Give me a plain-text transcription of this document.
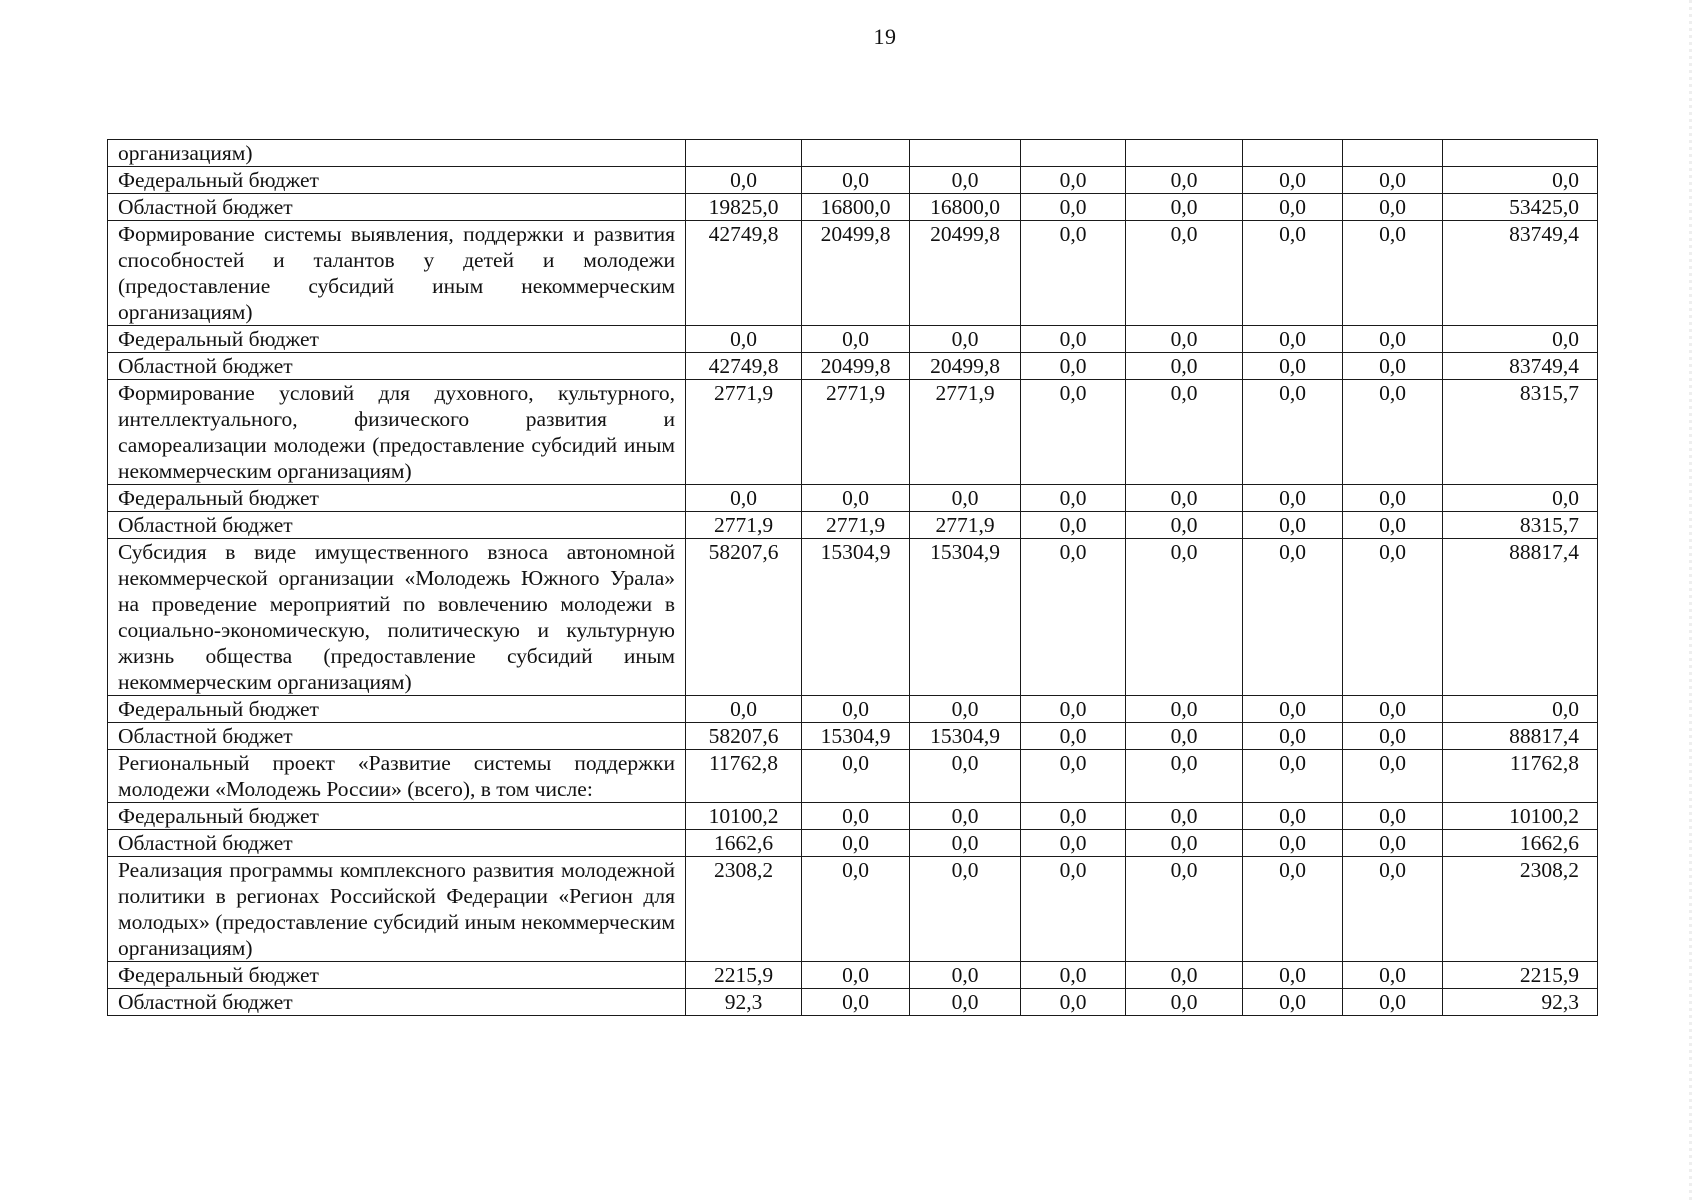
19
организациям)								
Федеральный бюджет	0,0	0,0	0,0	0,0	0,0	0,0	0,0	0,0
Областной бюджет	19825,0	16800,0	16800,0	0,0	0,0	0,0	0,0	53425,0
Формирование системы выявления, поддержки и развития способностей и талантов у детей и молодежи (предоставление субсидий иным некоммерческим организациям)	42749,8	20499,8	20499,8	0,0	0,0	0,0	0,0	83749,4
Федеральный бюджет	0,0	0,0	0,0	0,0	0,0	0,0	0,0	0,0
Областной бюджет	42749,8	20499,8	20499,8	0,0	0,0	0,0	0,0	83749,4
Формирование условий для духовного, культурного, интеллектуального, физического развития и самореализации молодежи (предоставление субсидий иным некоммерческим организациям)	2771,9	2771,9	2771,9	0,0	0,0	0,0	0,0	8315,7
Федеральный бюджет	0,0	0,0	0,0	0,0	0,0	0,0	0,0	0,0
Областной бюджет	2771,9	2771,9	2771,9	0,0	0,0	0,0	0,0	8315,7
Субсидия в виде имущественного взноса автономной некоммерческой организации «Молодежь Южного Урала» на проведение мероприятий по вовлечению молодежи в социально-экономическую, политическую и культурную жизнь общества (предоставление субсидий иным некоммерческим организациям)	58207,6	15304,9	15304,9	0,0	0,0	0,0	0,0	88817,4
Федеральный бюджет	0,0	0,0	0,0	0,0	0,0	0,0	0,0	0,0
Областной бюджет	58207,6	15304,9	15304,9	0,0	0,0	0,0	0,0	88817,4
Региональный проект «Развитие системы поддержки молодежи «Молодежь России» (всего), в том числе:	11762,8	0,0	0,0	0,0	0,0	0,0	0,0	11762,8
Федеральный бюджет	10100,2	0,0	0,0	0,0	0,0	0,0	0,0	10100,2
Областной бюджет	1662,6	0,0	0,0	0,0	0,0	0,0	0,0	1662,6
Реализация программы комплексного развития молодежной политики в регионах Российской Федерации «Регион для молодых» (предоставление субсидий иным некоммерческим организациям)	2308,2	0,0	0,0	0,0	0,0	0,0	0,0	2308,2
Федеральный бюджет	2215,9	0,0	0,0	0,0	0,0	0,0	0,0	2215,9
Областной бюджет	92,3	0,0	0,0	0,0	0,0	0,0	0,0	92,3
